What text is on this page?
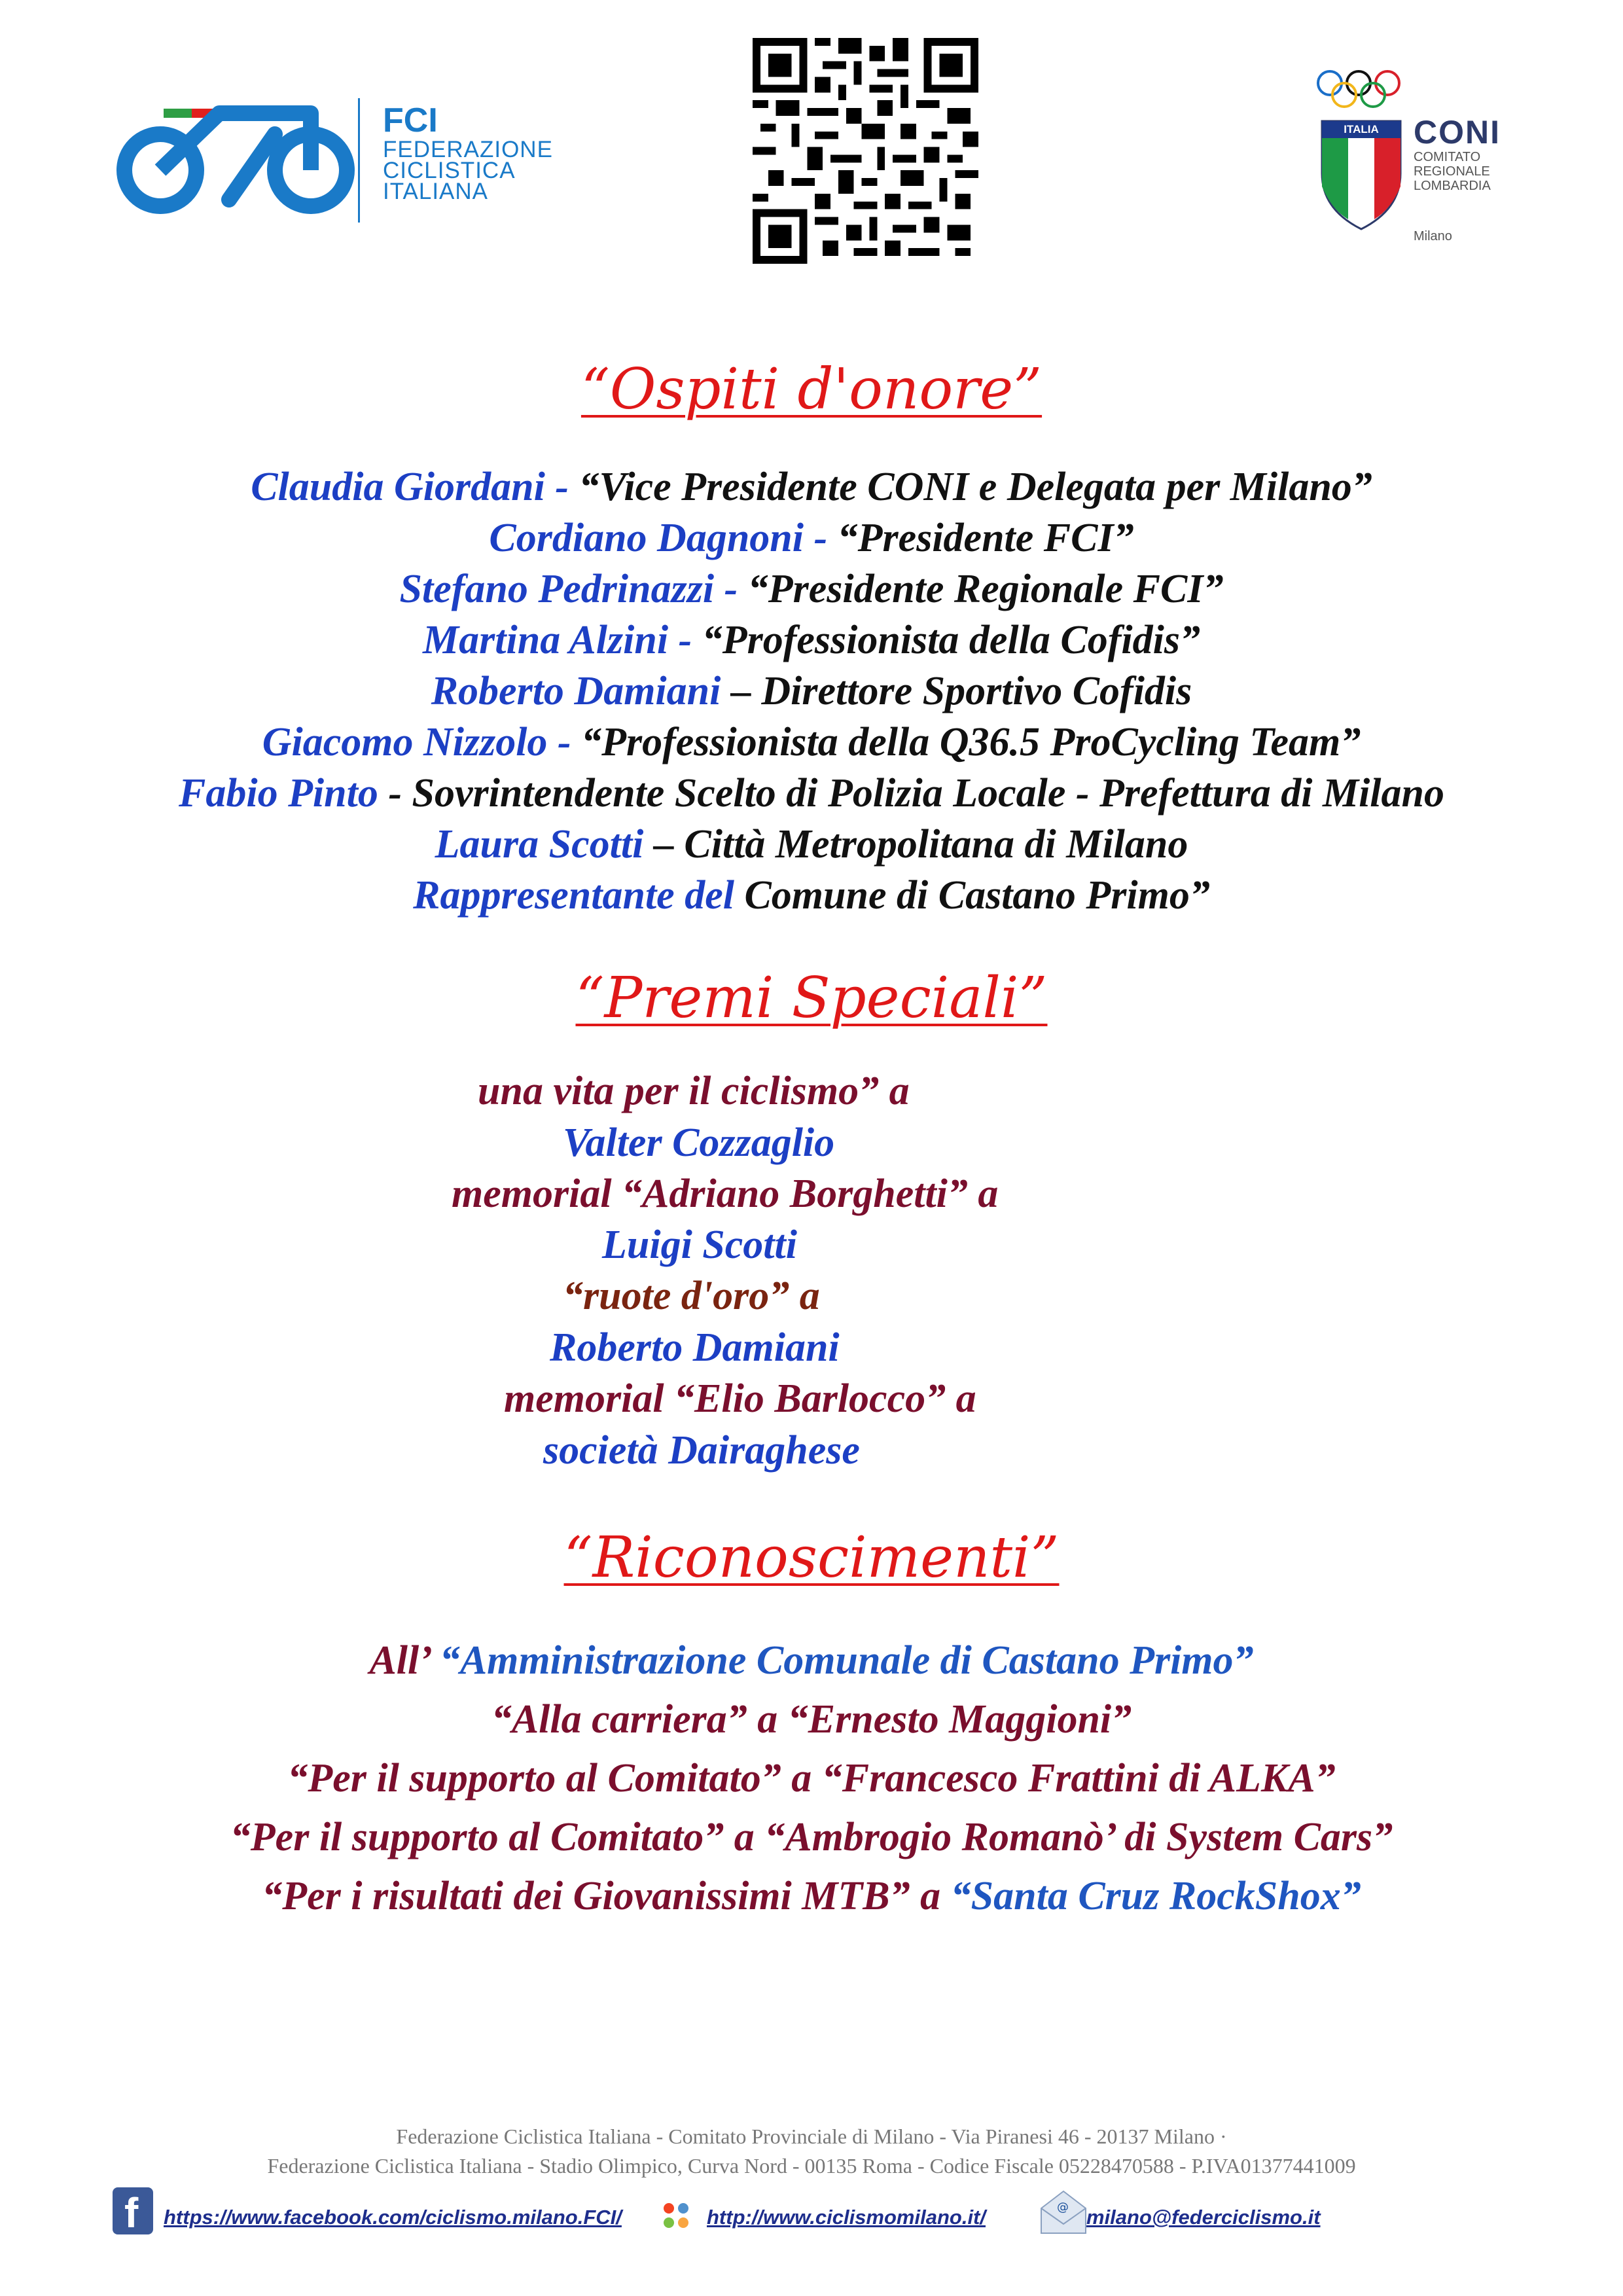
FCI
FEDERAZIONE
CICLISTICA
ITALIANA
ITALIA	CONI
COMITATO
REGIONALE
LOMBARDIA
Milano
“Ospiti d'onore”
Claudia Giordani - “Vice Presidente CONI e Delegata per Milano”
Cordiano Dagnoni - “Presidente FCI”
Stefano Pedrinazzi - “Presidente Regionale FCI”
Martina Alzini - “Professionista della Cofidis”
Roberto Damiani – Direttore Sportivo Cofidis
Giacomo Nizzolo - “Professionista della Q36.5 ProCycling Team”
Fabio Pinto - Sovrintendente Scelto di Polizia Locale - Prefettura di Milano
Laura Scotti – Città Metropolitana di Milano
Rappresentante del Comune di Castano Primo”
“Premi Speciali”
una vita per il ciclismo” a
Valter Cozzaglio
memorial “Adriano Borghetti” a
Luigi Scotti
“ruote d'oro” a
Roberto Damiani
memorial “Elio Barlocco” a
società Dairaghese
“Riconoscimenti”
All’ “Amministrazione Comunale di Castano Primo”
“Alla carriera” a “Ernesto Maggioni”
“Per il supporto al Comitato” a “Francesco Frattini di ALKA”
“Per il supporto al Comitato” a “Ambrogio Romanò’ di System Cars”
“Per i risultati dei Giovanissimi MTB” a “Santa Cruz RockShox”
Federazione Ciclistica Italiana - Comitato Provinciale di Milano - Via Piranesi 46 - 20137 Milano ·
Federazione Ciclistica Italiana - Stadio Olimpico, Curva Nord - 00135 Roma - Codice Fiscale 05228470588 - P.IVA01377441009
f https://www.facebook.com/ciclismo.milano.FCI/	http://www.ciclismomilano.it/	@ milano@federciclismo.it
